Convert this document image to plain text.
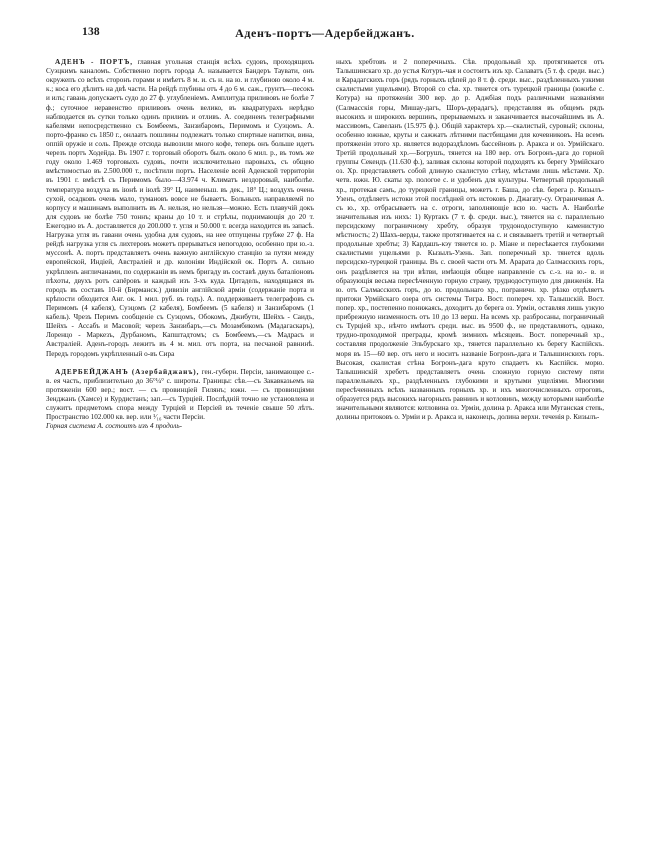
138	Аденъ-портъ—Адербейджанъ.

АДЕНЪ - ПОРТЪ, главная угольная станція всѣхъ судовъ, проходящихъ Суэцкимъ каналомъ. Собственно портъ города А. называется Бандеръ Таувати, онъ окружепъ со всѣхъ сторонъ горами и имѣетъ 8 м. и. съ н. на ю. и глубиною около 4 м. к.; коса его дѣлитъ на двѣ части. На рейдѣ глубины отъ 4 до 6 м. саж., грунтъ—песокъ и илъ; гавань допускаетъ судо до 27 ф. углубленіемъ. Амплитуда приливовъ не болѣе 7 ф.; суточное неравенство приливовъ очень велико, въ квадратурахъ нерѣдко наблюдается въ сутки только одинъ приливъ и отливъ. А. соединенъ телеграфными кабелями непосредственно съ Бомбеемъ, Занзибаромъ, Перимомъ и Суэцомъ. А. порто-франко съ 1850 г., онлаатъ пошлины подлежатъ только спиртные напитки, вина, оппій оружіе и соль. Прежде отсюда вывозили много кофе, теперь онъ больше идетъ черезъ портъ Ходейда. Въ 1907 г. торговый оборотъ былъ около 6 мил. р., въ томъ же году около 1.469 торговыхъ судовъ, почти исключительно паровыхъ, съ общею вмѣстимостью въ 2.500.000 т., посѣтили портъ. Населеніе всей Аденской территоріи въ 1901 г. вмѣстѣ съ Перимомъ было—43.974 ч. Климатъ нездоровый, наиболѣе. температура воздуха въ іюнѣ и іюлѣ 39° Ц, наименьш. въ дек., 18° Ц.; воздухъ очень сухой, осадковъ очень мало, тумановъ вовсе не бываетъ. Больныхъ направляемй по корпусу и машинамъ выполнить въ А. нельзя, но нельзя—можно. Есть плавучій докъ для судовъ не болѣе 750 тоннъ; краны до 10 т. и стрѣлы, поднимающія до 20 т. Ежегодно въ А. доставляется до 200.000 т. угля и 50.000 т. всегда находится въ запасѣ. Нагрузка угля въ гавани очень удобна для судовъ, на нее отпущены грубже 27 ф. На рейдѣ нагрузка угля съ лихтеровъ можетъ прерываться непогодою, особенно при ю.-з. муссонѣ. А. портъ представляетъ очень важную англійскую станцію за путяи между европейской, Индіей, Австраліей и др. колоніяи Индійской ок. Портъ А. сильно укрѣпленъ англичанами, по содержаніи въ немъ бригаду въ составѣ двухъ баталіоновъ пѣхоты, двухъ ротъ сапёровъ и каждый изъ 3-хъ куда. Цитадель, находящаяся въ городъ въ составъ 10-й (Бирманск.) дивизіи англійской арміи (содержаніе порта и крѣпости обходится Анг. ок. 1 мил. руб. въ годъ). А. поддерживаетъ телеграфовъ съ Перимомъ (4 кабеля), Суэцомъ (2 кабеля), Бомбеемъ (5 кабеля) и Занзибаромъ (1 кабель). Чрезъ Перимъ сообщеніе съ Суэцомъ, Обокомъ, Джибути, Шейхъ - Саидъ, Шейхъ - Ассабъ и Масовой; черезъ Занзибаръ,—съ Мозамбикомъ (Мадагаскаръ), Лоренцо - Маркезъ, Дурбаномъ, Капштадтомъ; съ Бомбеемъ,—съ Мадрасъ и Австраліей. Аденъ-городъ лежитъ въ 4 м. мил. отъ порта, на песчаной равнинѣ. Передъ городомъ укрѣпленный о-въ Сира

АДЕРБЕЙДЖАНЪ (Азербайджанъ), ген.-губерн. Персіи, занимающее с.-в. ея часть, приблизительно до 36°¼° с. широты. Границы: сѣв.—съ Закавказьемъ на протяженіи 600 вер.; вост. — съ провинціей Гилянъ; южн. — съ провинціями Зенджанъ (Хамсе) и Курдистанъ; зап.—съ Турціей. Послѣдній точно не установлена и служитъ предметомъ спора между Турціей и Персіей въ теченіе свыше 50 лѣтъ. Пространство 102.000 кв. вер. или ¹⁄₁₆ части Персіи.

Горная система А. состоитъ изъ 4 продоль-

ныхъ хребтовъ и 2 поперечныхъ. Сѣв. продольный хр. протягивается отъ Талышинскаго хр. до устья Котуръ-чая и состоитъ изъ хр. Салаватъ (5 т. ф. среди. выс.) и Карадагскихъ горъ (рядъ горныхъ цѣпей до 8 т. ф. среди. выс., раздѣленныхъ узкими скалистыми ущельями). Второй со сѣв. хр. тянется отъ турецкой границы (южнѣе с. Котура) на протяженіи 300 вер. до р. Аджбіая подъ различными названіями (Салмасскія горы, Мишау-дагъ, Шоръ-дерадагъ), представляя въ общемъ рядъ высокихъ и широкихъ вершинъ, прерываемыхъ и заканчивается высочайшимъ въ А. массивомъ, Савеланъ (15.975 ф.). Общій характеръ хр.—скалистый, суровый; склоны, особенно южные, круты и сажжатъ лѣтними пастбищами для кочевниковъ. На всемъ протяженіи этого хр. является водораздѣломъ бассейновъ р. Аракса и оз. Урмійскаго. Третій продольный хр.—Богрушъ, тянется на 180 вер. отъ Богронъ-дага до горной группы Секендъ (11.630 ф.), заливая склоны которой подходятъ къ берегу Урмійскаго оз. Хр. представляетъ собой длиную скалистую стѣну, мѣстами лишь мѣстами. Хр. четв. южн. Ю. скаты хр. пологое с. и удобенъ для культуры. Четвертый продольный хр., протекая самъ, до турецкой границы, можетъ г. Баша, до сѣв. берега р. Кизылъ-Узенъ, отдѣляетъ истоки этой послѣдней отъ истоковъ р. Джагату-су. Ограничивая А. съ ю., хр. отбрасываетъ на с. отроги, заполняющіе всю ю. часть А. Наиболѣе значительныя изъ нихъ: 1) Куртакъ (7 т. ф. среди. выс.), тянется на с. параллельно персидскому пограничному хребту, образуя трудонодоступную каменистую мѣстность; 2) Шахъ-верды, также протягивается на с. и связываетъ третій и четвертый продольные хребты; 3) Кардашъ-кэу тянется ю. р. Міане и пересѣкается глубокими скалистыми ущельями р. Кызылъ-Узень. Зап. поперечный хр. тянется вдоль персидско-турецкой границы. Въ с. своей части отъ М. Арарата до Салмасскихъ горъ, онъ раздѣляется на три вѣтви, имѣющія общее направленіе съ с.-з. на ю.- в. и образующія весьма пересѣченную горную страну, труднодоступную для движенія. На ю. отъ Салмасскихъ горъ, до ю. продольнаго хр., пограничн. хр. рѣзко отдѣляетъ притоки Урмійскаго озера отъ системы Тигра. Вост. попереч. хр. Талышскій. Вост. попер. хр., постепенно понижаясь, доходитъ до берега оз. Урміи, оставляя лишь узкую прибрежную низменность отъ 10 до 13 верш. На всемъ хр. разбросаны, пограничный съ Турціей хр., нѣчто имѣютъ среди. выс. въ 9500 ф., не представляютъ, однако, трудно-проходимой преграды, кромѣ зимнихъ мѣсяцевъ. Вост. поперечный хр., составляя продолженіе Эльбурскаго хр., тянется параллельно къ берегу Каспійскъ. моря въ 15—60 вер. отъ него и носитъ названіе Богронъ-дага и Талышинскихъ горъ. Высокая, скалистая стѣна Богронъ-дага круто спадаетъ къ Каспійск. морю. Талышинскій хребетъ представляетъ очень сложную горную систему пяти параллельныхъ хр., раздѣленныхъ глубокими и крутыми ущеліями. Многими пересѣченныхъ всѣхъ названныхъ горныхъ хр. и ихъ многочисленныхъ отроговъ, образуется рядъ высокихъ нагорныхъ равнинъ и котловинъ, между которыми наиболѣе значительными являются: котловина оз. Урміи, долина р. Аракса или Муганская степь, долины притоковъ о. Урміи и р. Аракса и, наконецъ, долина верхн. теченія р. Кизылъ-
